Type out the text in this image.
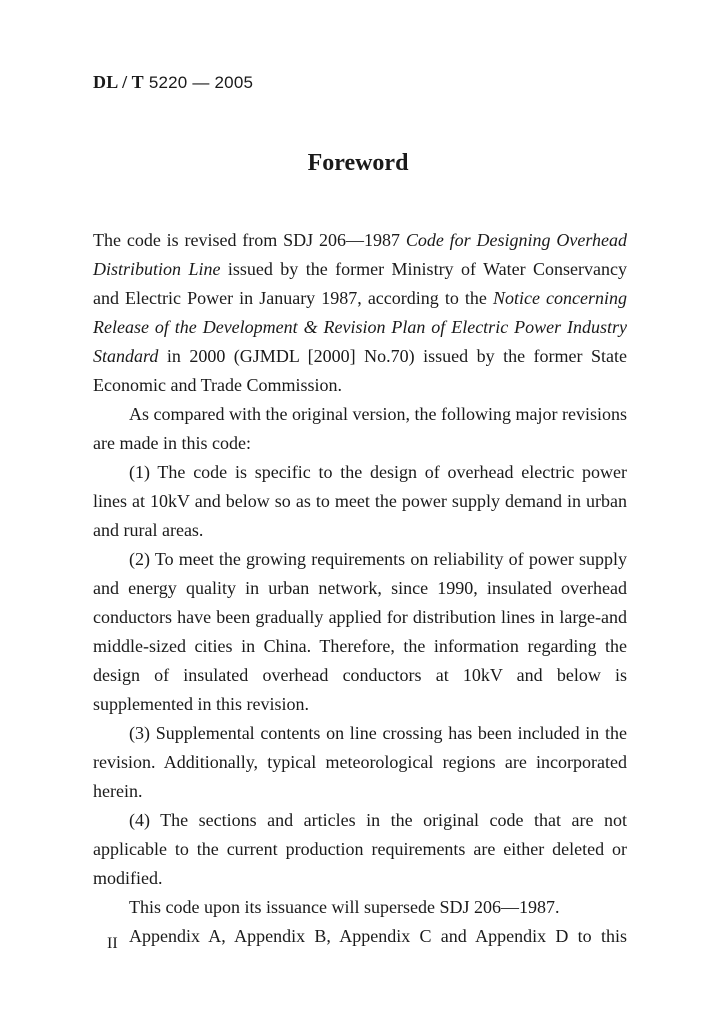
DL / T 5220 — 2005
Foreword

The code is revised from SDJ 206—1987 Code for Designing Overhead Distribution Line issued by the former Ministry of Water Conservancy and Electric Power in January 1987, according to the Notice concerning Release of the Development & Revision Plan of Electric Power Industry Standard in 2000 (GJMDL [2000] No.70) issued by the former State Economic and Trade Commission.

As compared with the original version, the following major revisions are made in this code:

(1) The code is specific to the design of overhead electric power lines at 10kV and below so as to meet the power supply demand in urban and rural areas.

(2) To meet the growing requirements on reliability of power supply and energy quality in urban network, since 1990, insulated overhead conductors have been gradually applied for distribution lines in large-and middle-sized cities in China. Therefore, the information regarding the design of insulated overhead conductors at 10kV and below is supplemented in this revision.

(3) Supplemental contents on line crossing has been included in the revision. Additionally, typical meteorological regions are incorporated herein.

(4) The sections and articles in the original code that are not applicable to the current production requirements are either deleted or modified.

This code upon its issuance will supersede SDJ 206—1987.

Appendix A, Appendix B, Appendix C and Appendix D to this

II
